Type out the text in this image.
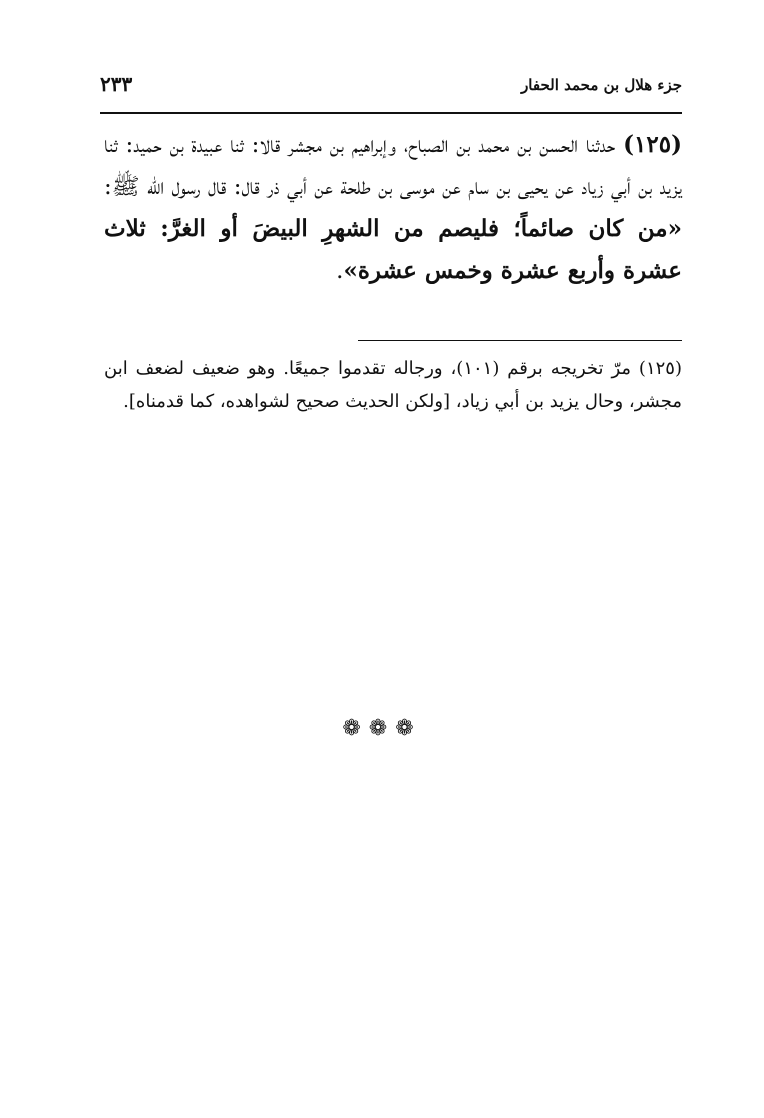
جزء هلال بن محمد الحفار
٢٣٣
(١٢٥) حدثنا الحسن بن محمد بن الصباح، وإبراهيم بن مجشر قالا: ثنا عبيدة بن حميد: ثنا يزيد بن أبي زياد عن يحيى بن سام عن موسى بن طلحة عن أبي ذر قال: قال رسول الله ﷺ: «من كان صائماً؛ فليصم من الشهرِ البيضَ أو الغرَّ: ثلاث عشرة وأربع عشرة وخمس عشرة».
(١٢٥) مرّ تخريجه برقم (١٠١)، ورجاله تقدموا جميعًا. وهو ضعيف لضعف ابن مجشر، وحال يزيد بن أبي زياد، [ولكن الحديث صحيح لشواهده، كما قدمناه].
❁❁❁
